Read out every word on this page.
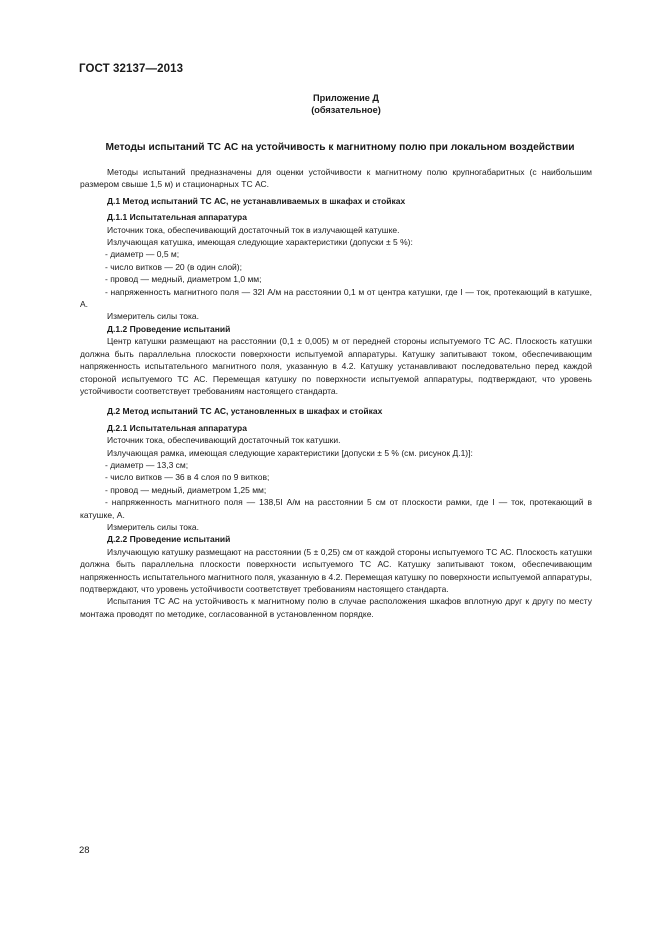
ГОСТ 32137—2013
Приложение Д
(обязательное)
Методы испытаний ТС АС на устойчивость к магнитному полю при локальном воздействии

Методы испытаний предназначены для оценки устойчивости к магнитному полю крупногабаритных (с наибольшим размером свыше 1,5 м) и стационарных ТС АС.

Д.1 Метод испытаний ТС АС, не устанавливаемых в шкафах и стойках

Д.1.1 Испытательная аппаратура

Источник тока, обеспечивающий достаточный ток в излучающей катушке.

Излучающая катушка, имеющая следующие характеристики (допуски ± 5 %):

- диаметр — 0,5 м;

- число витков — 20 (в один слой);

- провод — медный, диаметром 1,0 мм;

- напряженность магнитного поля — 32I А/м на расстоянии 0,1 м от центра катушки, где I — ток, протекающий в катушке, А.

Измеритель силы тока.

Д.1.2 Проведение испытаний

Центр катушки размещают на расстоянии (0,1 ± 0,005) м от передней стороны испытуемого ТС АС. Плоскость катушки должна быть параллельна плоскости поверхности испытуемой аппаратуры. Катушку запитывают током, обеспечивающим напряженность испытательного магнитного поля, указанную в 4.2. Катушку устанавливают последовательно перед каждой стороной испытуемого ТС АС. Перемещая катушку по поверхности испытуемой аппаратуры, подтверждают, что уровень устойчивости соответствует требованиям настоящего стандарта.

Д.2 Метод испытаний ТС АС, установленных в шкафах и стойках

Д.2.1 Испытательная аппаратура

Источник тока, обеспечивающий достаточный ток катушки.

Излучающая рамка, имеющая следующие характеристики [допуски ± 5 % (см. рисунок Д.1)]:

- диаметр — 13,3 см;

- число витков — 36 в 4 слоя по 9 витков;

- провод — медный, диаметром 1,25 мм;

- напряженность магнитного поля — 138,5I А/м на расстоянии 5 см от плоскости рамки, где I — ток, протекающий в катушке, А.

Измеритель силы тока.

Д.2.2 Проведение испытаний

Излучающую катушку размещают на расстоянии (5 ± 0,25) см от каждой стороны испытуемого ТС АС. Плоскость катушки должна быть параллельна плоскости поверхности испытуемого ТС АС. Катушку запитывают током, обеспечивающим напряженность испытательного магнитного поля, указанную в 4.2. Перемещая катушку по поверхности испытуемой аппаратуры, подтверждают, что уровень устойчивости соответствует требованиям настоящего стандарта.

Испытания ТС АС на устойчивость к магнитному полю в случае расположения шкафов вплотную друг к другу по месту монтажа проводят по методике, согласованной в установленном порядке.

28
